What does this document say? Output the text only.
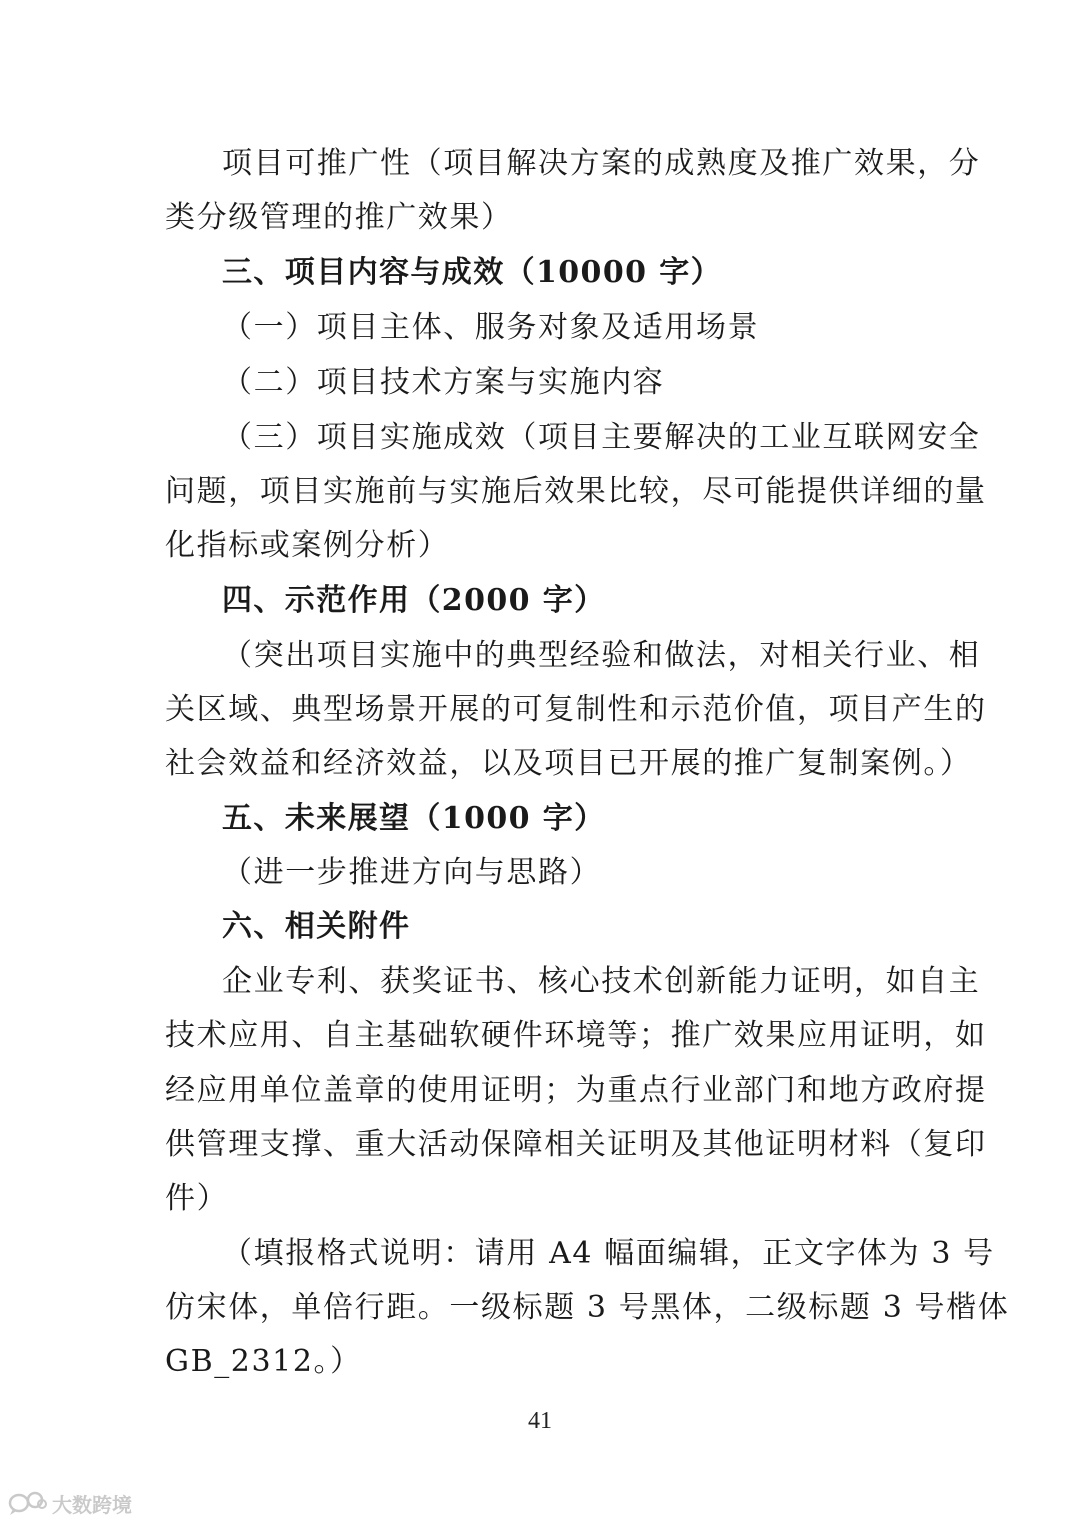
项目可推广性（项目解决方案的成熟度及推广效果，分
类分级管理的推广效果）
三、项目内容与成效（10000 字）
（一）项目主体、服务对象及适用场景
（二）项目技术方案与实施内容
（三）项目实施成效（项目主要解决的工业互联网安全
问题，项目实施前与实施后效果比较，尽可能提供详细的量
化指标或案例分析）
四、示范作用（2000 字）
（突出项目实施中的典型经验和做法，对相关行业、相
关区域、典型场景开展的可复制性和示范价值，项目产生的
社会效益和经济效益，以及项目已开展的推广复制案例。）
五、未来展望（1000 字）
（进一步推进方向与思路）
六、相关附件
企业专利、获奖证书、核心技术创新能力证明，如自主
技术应用、自主基础软硬件环境等；推广效果应用证明，如
经应用单位盖章的使用证明；为重点行业部门和地方政府提
供管理支撑、重大活动保障相关证明及其他证明材料（复印
件）
（填报格式说明：请用 A4 幅面编辑，正文字体为 3 号
仿宋体，单倍行距。一级标题 3 号黑体，二级标题 3 号楷体
GB_2312。）
41
大数跨境
